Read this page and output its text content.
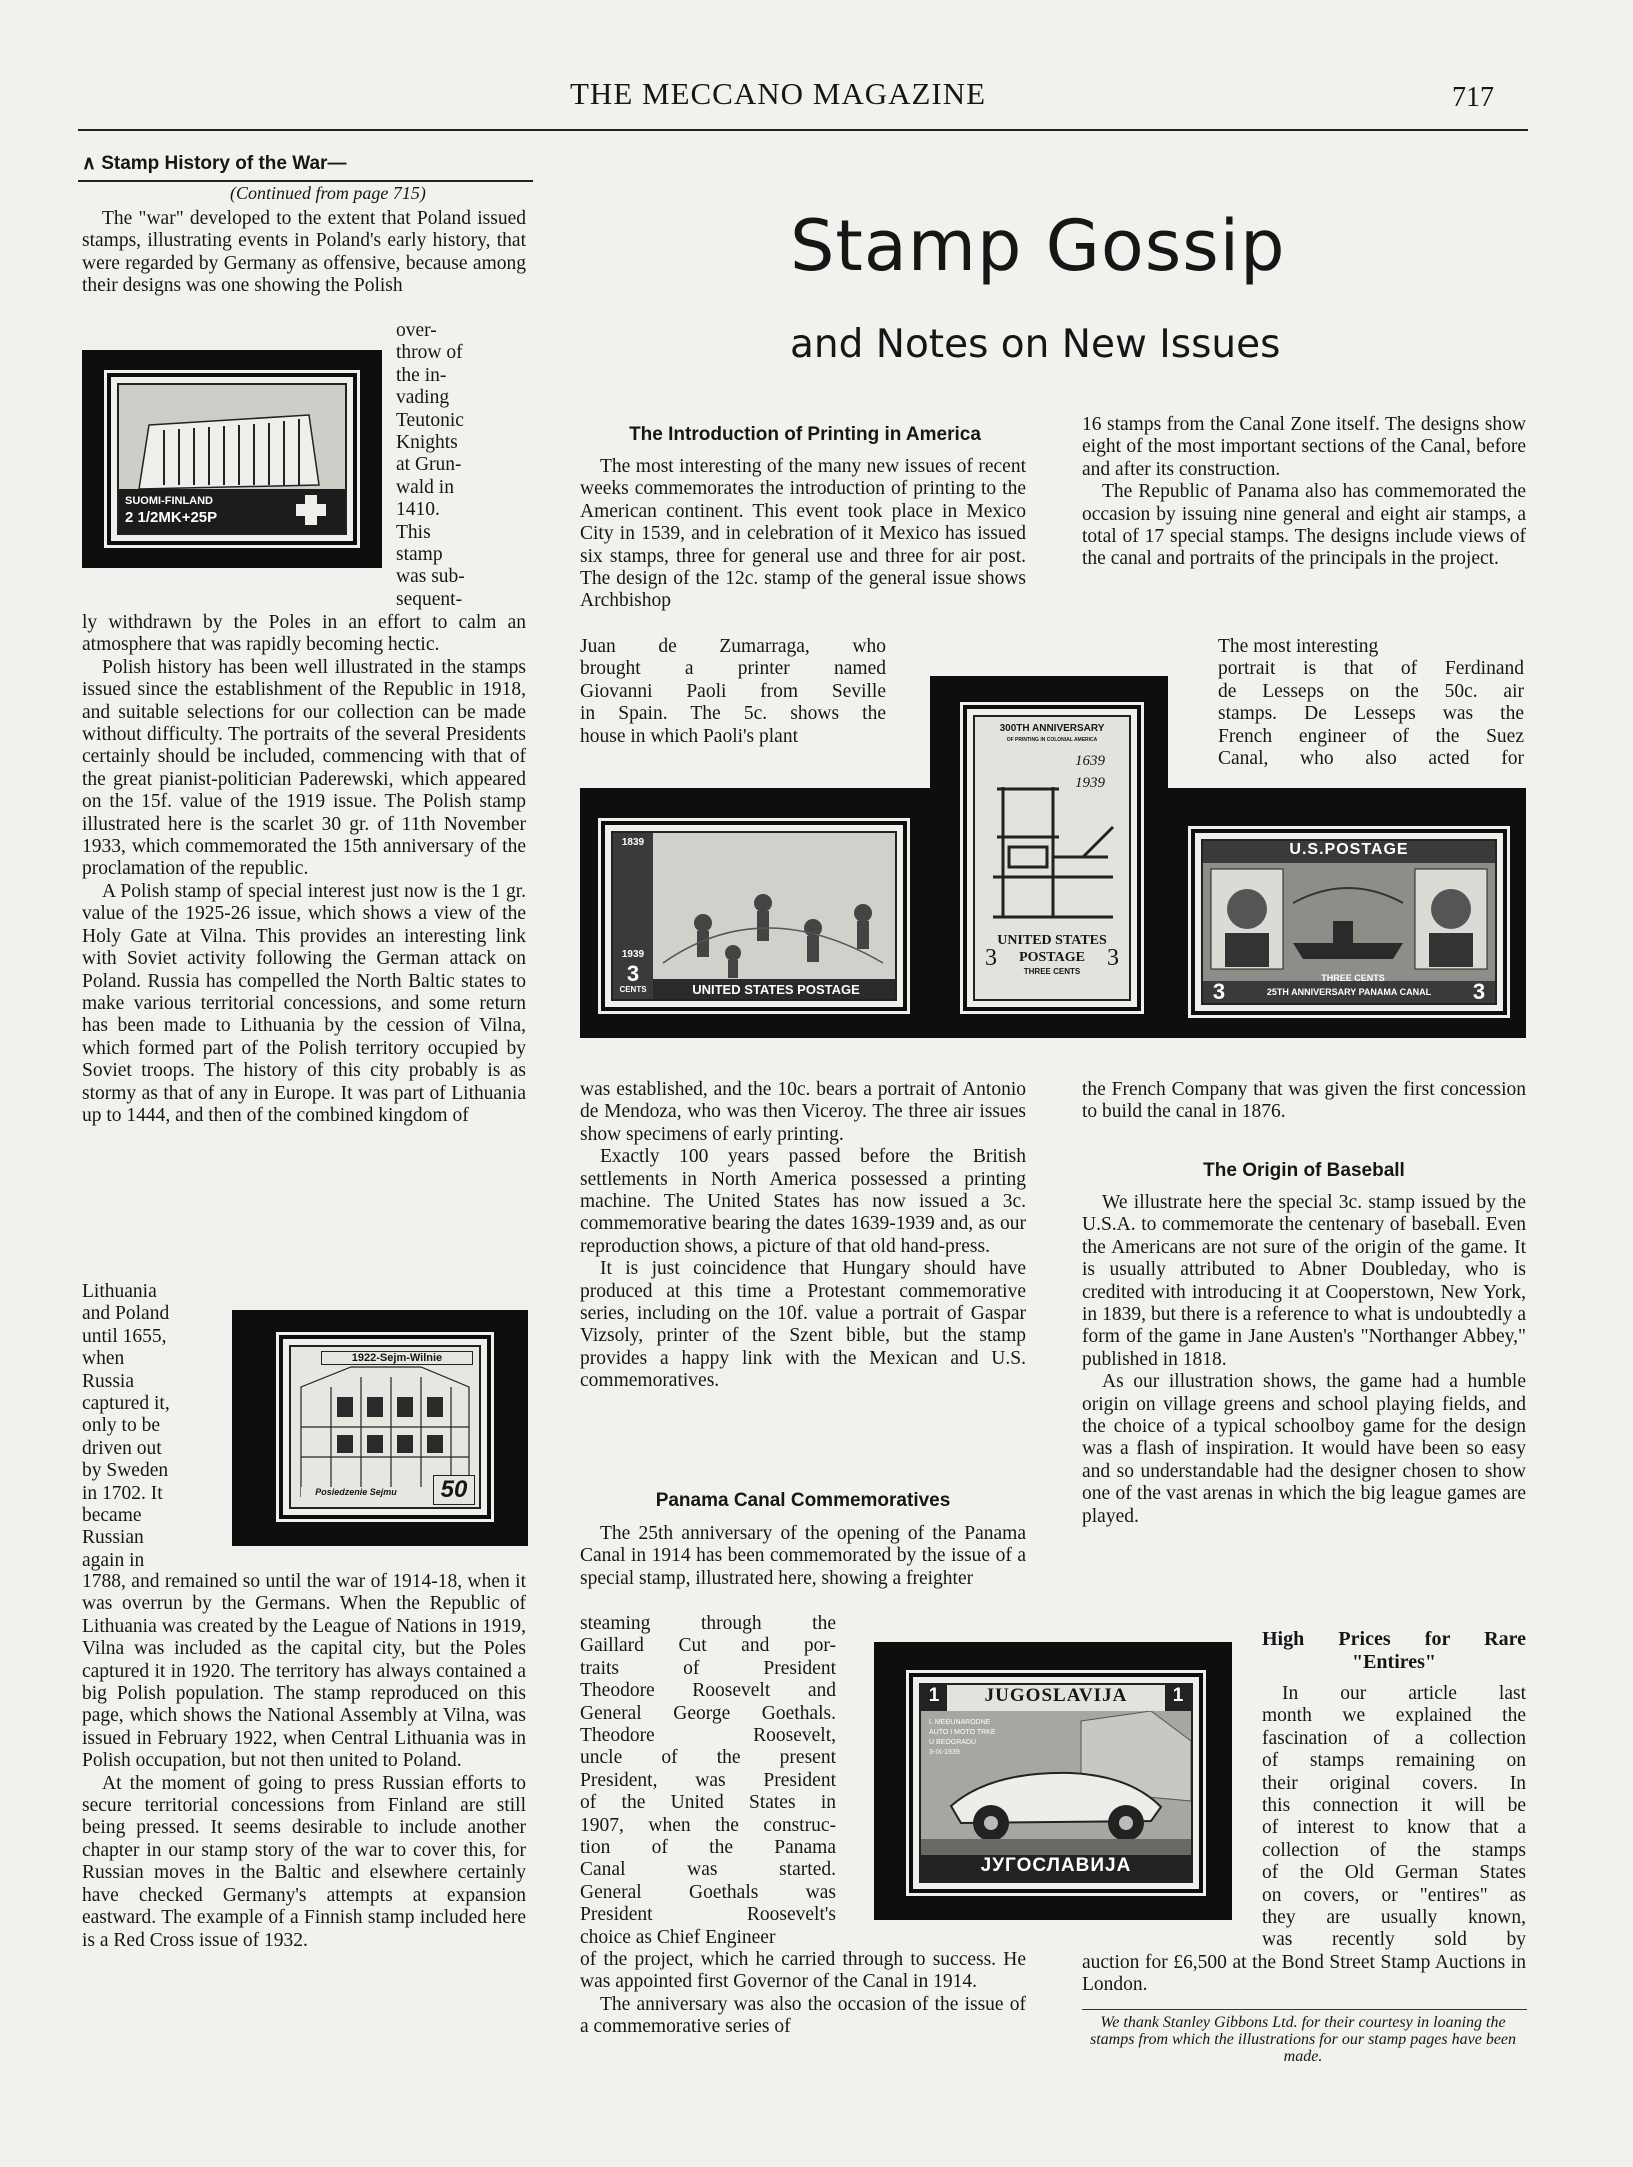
THE MECCANO MAGAZINE	717
∧ Stamp History of the War—
(Continued from page 715)

The "war" developed to the extent that Poland issued stamps, illustrating events in Poland's early history, that were regarded by Germany as offensive, because among their designs was one showing the Polish

over-
throw of
the in-
vading
Teutonic
Knights
at Grun-
wald in
1410.
This
stamp
was sub-
sequent-
SUOMI-FINLAND
2 1/2MK+25P

ly withdrawn by the Poles in an effort to calm an atmosphere that was rapidly becoming hectic.

Polish history has been well illustrated in the stamps issued since the establishment of the Republic in 1918, and suitable selections for our collection can be made without difficulty. The portraits of the several Presidents certainly should be included, commencing with that of the great pianist-politician Paderewski, which appeared on the 15f. value of the 1919 issue. The Polish stamp illustrated here is the scarlet 30 gr. of 11th November 1933, which commemorated the 15th anniversary of the proclamation of the republic.

A Polish stamp of special interest just now is the 1 gr. value of the 1925-26 issue, which shows a view of the Holy Gate at Vilna. This provides an interesting link with Soviet activity following the German attack on Poland. Russia has compelled the North Baltic states to make various territorial concessions, and some return has been made to Lithuania by the cession of Vilna, which formed part of the Polish territory occupied by Soviet troops. The history of this city probably is as stormy as that of any in Europe. It was part of Lithuania up to 1444, and then of the combined kingdom of

Lithuania
and Poland
until 1655,
when
Russia
captured it,
only to be
driven out
by Sweden
in 1702. It
became
Russian
again in
1922-Sejm-Wilnie
Posiedzenie Sejmu	50

1788, and remained so until the war of 1914-18, when it was overrun by the Germans. When the Republic of Lithuania was created by the League of Nations in 1919, Vilna was included as the capital city, but the Poles captured it in 1920. The territory has always contained a big Polish population. The stamp reproduced on this page, which shows the National Assembly at Vilna, was issued in February 1922, when Central Lithuania was in Polish occupation, but not then united to Poland.

At the moment of going to press Russian efforts to secure territorial concessions from Finland are still being pressed. It seems desirable to include another chapter in our stamp story of the war to cover this, for Russian moves in the Baltic and elsewhere certainly have checked Germany's attempts at expansion eastward. The example of a Finnish stamp included here is a Red Cross issue of 1932.

Stamp Gossip
and Notes on New Issues
The Introduction of Printing in America

The most interesting of the many new issues of recent weeks commemorates the introduction of printing to the American continent. This event took place in Mexico City in 1539, and in celebration of it Mexico has issued six stamps, three for general use and three for air post. The design of the 12c. stamp of the general issue shows Archbishop

Juan de Zumarraga, who
brought a printer named
Giovanni Paoli from Seville
in Spain. The 5c. shows the
house in which Paoli's plant

16 stamps from the Canal Zone itself. The designs show eight of the most important sections of the Canal, before and after its construction.

The Republic of Panama also has commemorated the occasion by issuing nine general and eight air stamps, a total of 17 special stamps. The designs include views of the canal and portraits of the principals in the project.

The most interesting
portrait is that of Ferdinand
de Lesseps on the 50c. air
stamps. De Lesseps was the
French engineer of the Suez
Canal, who also acted for
1839
1939
3
CENTS	UNITED STATES POSTAGE
300TH ANNIVERSARY
OF PRINTING IN COLONIAL AMERICA
1639
1939
UNITED STATES
POSTAGE
THREE CENTS
3	3
U.S.POSTAGE
THREE CENTS
25TH ANNIVERSARY PANAMA CANAL
3	3

was established, and the 10c. bears a portrait of Antonio de Mendoza, who was then Viceroy. The three air issues show specimens of early printing.

Exactly 100 years passed before the British settlements in North America possessed a printing machine. The United States has now issued a 3c. commemorative bearing the dates 1639-1939 and, as our reproduction shows, a picture of that old hand-press.

It is just coincidence that Hungary should have produced at this time a Protestant commemorative series, including on the 10f. value a portrait of Gaspar Vizsoly, printer of the Szent bible, but the stamp provides a happy link with the Mexican and U.S. commemoratives.

Panama Canal Commemoratives

The 25th anniversary of the opening of the Panama Canal in 1914 has been commemorated by the issue of a special stamp, illustrated here, showing a freighter

steaming through the
Gaillard Cut and por-
traits of President
Theodore Roosevelt and
General George Goethals.
Theodore Roosevelt,
uncle of the present
President, was President
of the United States in
1907, when the construc-
tion of the Panama
Canal was started.
General Goethals was
President Roosevelt's
choice as Chief Engineer

of the project, which he carried through to success. He was appointed first Governor of the Canal in 1914.

The anniversary was also the occasion of the issue of a commemorative series of

the French Company that was given the first concession to build the canal in 1876.

The Origin of Baseball

We illustrate here the special 3c. stamp issued by the U.S.A. to commemorate the centenary of baseball. Even the Americans are not sure of the origin of the game. It is usually attributed to Abner Doubleday, who is credited with introducing it at Cooperstown, New York, in 1839, but there is a reference to what is undoubtedly a form of the game in Jane Austen's "Northanger Abbey," published in 1818.

As our illustration shows, the game had a humble origin on village greens and school playing fields, and the choice of a typical schoolboy game for the design was a flash of inspiration. It would have been so easy and so understandable had the designer chosen to show one of the vast arenas in which the big league games are played.

JUGOSLAVIJA
1	1
I. MEĐUNARODNE
AUTO I MOTO TRKE
U BEOGRADU
3-IX-1939
ЈУГОСЛАВИЈА
High Prices for Rare
"Entires"
In our article last
month we explained the
fascination of a collection
of stamps remaining on
their original covers. In
this connection it will be
of interest to know that a
collection of the stamps
of the Old German States
on covers, or "entires" as
they are usually known,
was recently sold by

auction for £6,500 at the Bond Street Stamp Auctions in London.

We thank Stanley Gibbons Ltd. for their courtesy in loaning the stamps from which the illustrations for our stamp pages have been made.
